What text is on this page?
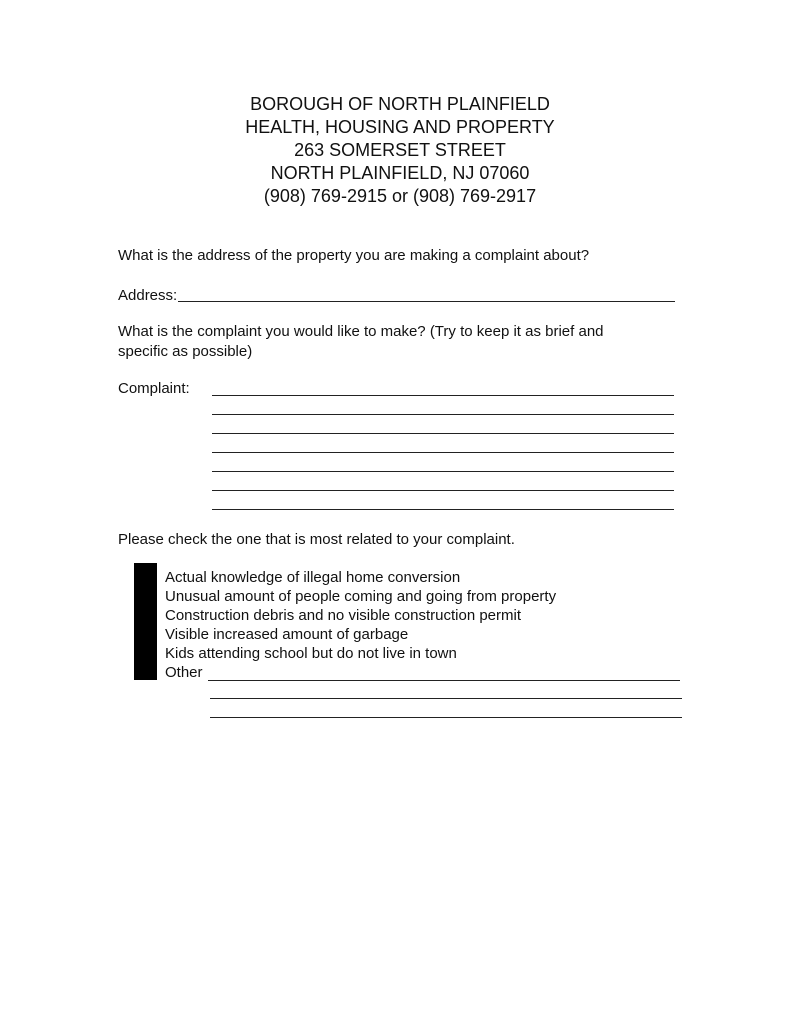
BOROUGH OF NORTH PLAINFIELD
HEALTH, HOUSING AND PROPERTY
263 SOMERSET STREET
NORTH PLAINFIELD, NJ 07060
(908) 769-2915 or (908) 769-2917
What is the address of the property you are making a complaint about?
Address:
What is the complaint you would like to make? (Try to keep it as brief and
specific as possible)
Complaint:
Please check the one that is most related to your complaint.
Actual knowledge of illegal home conversion
Unusual amount of people coming and going from property
Construction debris and no visible construction permit
Visible increased amount of garbage
Kids attending school but do not live in town
Other
